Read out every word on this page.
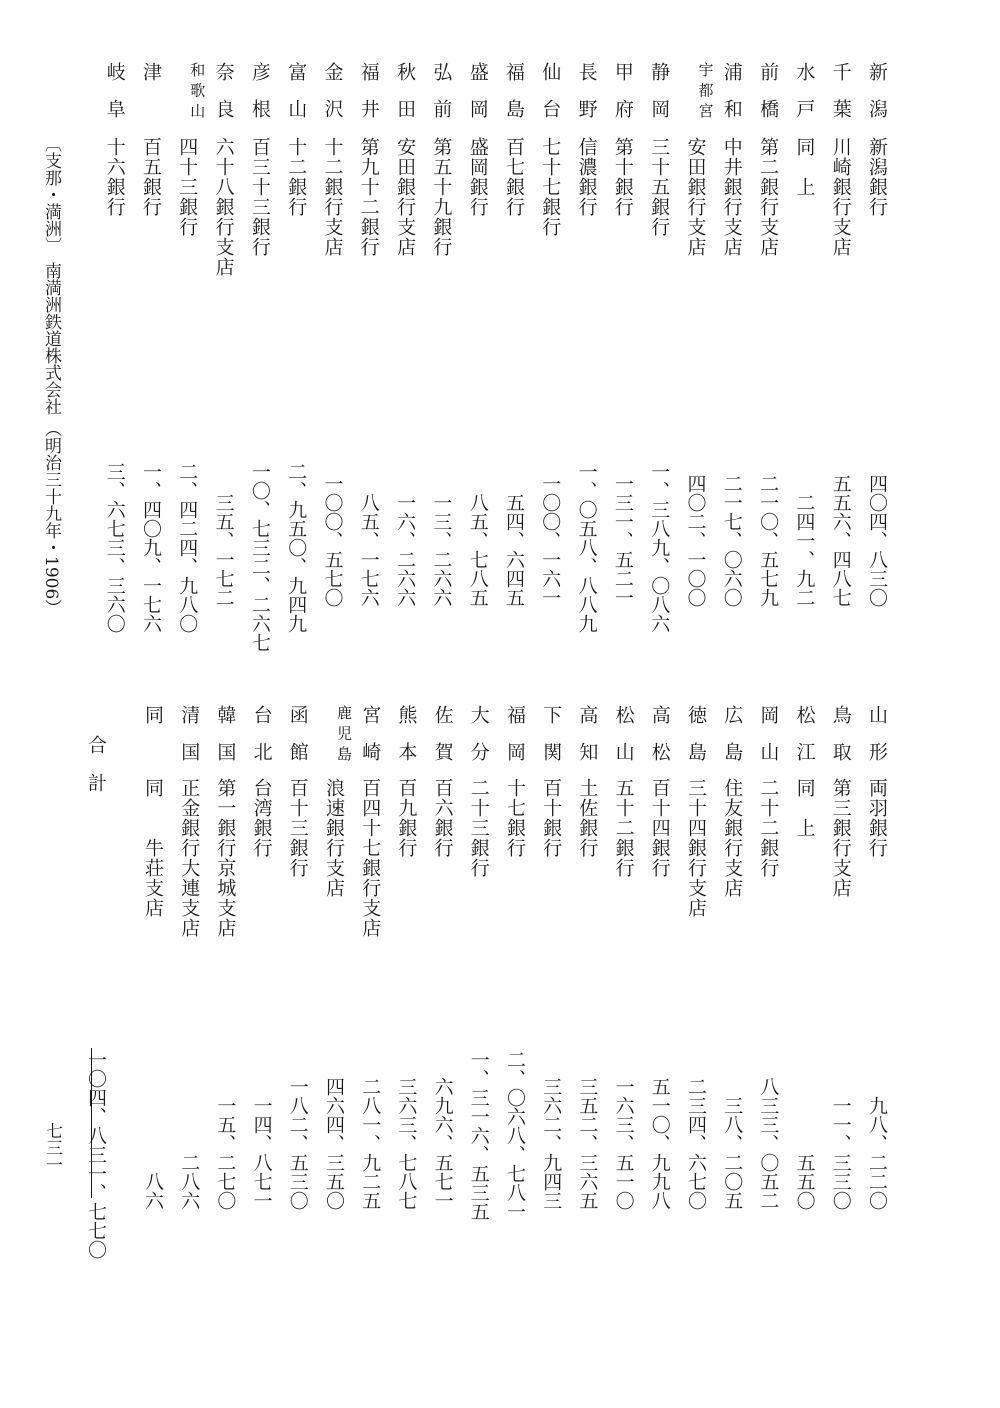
新潟
新潟銀行
四〇四、八三〇
千葉
川崎銀行支店
五五六、四八七
水戸
同　上
二四一、九二
前橋
第二銀行支店
二一〇、五七九
浦和
中井銀行支店
二一七、〇六〇
宇都宮
安田銀行支店
四〇二、一〇〇
静岡
三十五銀行
一、三八九、〇八六
甲府
第十銀行
一三一、五二一
長野
信濃銀行
一、〇五八、八八九
仙台
七十七銀行
一〇〇、一六一
福島
百七銀行
五四、六四五
盛岡
盛岡銀行
八五、七八五
弘前
第五十九銀行
一三、二六六
秋田
安田銀行支店
一六、二六六
福井
第九十二銀行
八五、一七六
金沢
十二銀行支店
一〇〇、五七〇
富山
十二銀行
二、九五〇、九四九
彦根
百三十三銀行
一〇、七三二、二六七
奈良
六十八銀行支店
三五、一七二
和歌山
四十三銀行
二、四二四、九八〇
津
百五銀行
一、四〇九、一七六
岐阜
十六銀行
三、六七三、三六〇
山形
両羽銀行
九八、二二〇
鳥取
第三銀行支店
一一、三三〇
松江
同　上
五五〇
岡山
二十二銀行
八三三、〇五二
広島
住友銀行支店
三八、二〇五
徳島
三十四銀行支店
二三四、六七〇
高松
百十四銀行
五一〇、九九八
松山
五十二銀行
一六三、五一〇
高知
土佐銀行
三五二、三六五
下関
百十銀行
三六二、九四三
福岡
十七銀行
二、〇六八、七八一
大分
二十三銀行
一、三一六、五三五
佐賀
百六銀行
六九六、五七一
熊本
百九銀行
三六三、七八七
宮崎
百四十七銀行支店
二八一、九二五
鹿児島
浪速銀行支店
四六四、三五〇
函館
百十三銀行
一八二、五三〇
台北
台湾銀行
一四、八七一
韓国
第一銀行京城支店
一五、二七〇
清国
正金銀行大連支店
二八六
同
同　　牛荘支店
八六
合　計
一〇四、八三一、七七〇
〔支那・満洲〕
南満洲鉄道株式会社
（明治三十九年・1906）
七三一
